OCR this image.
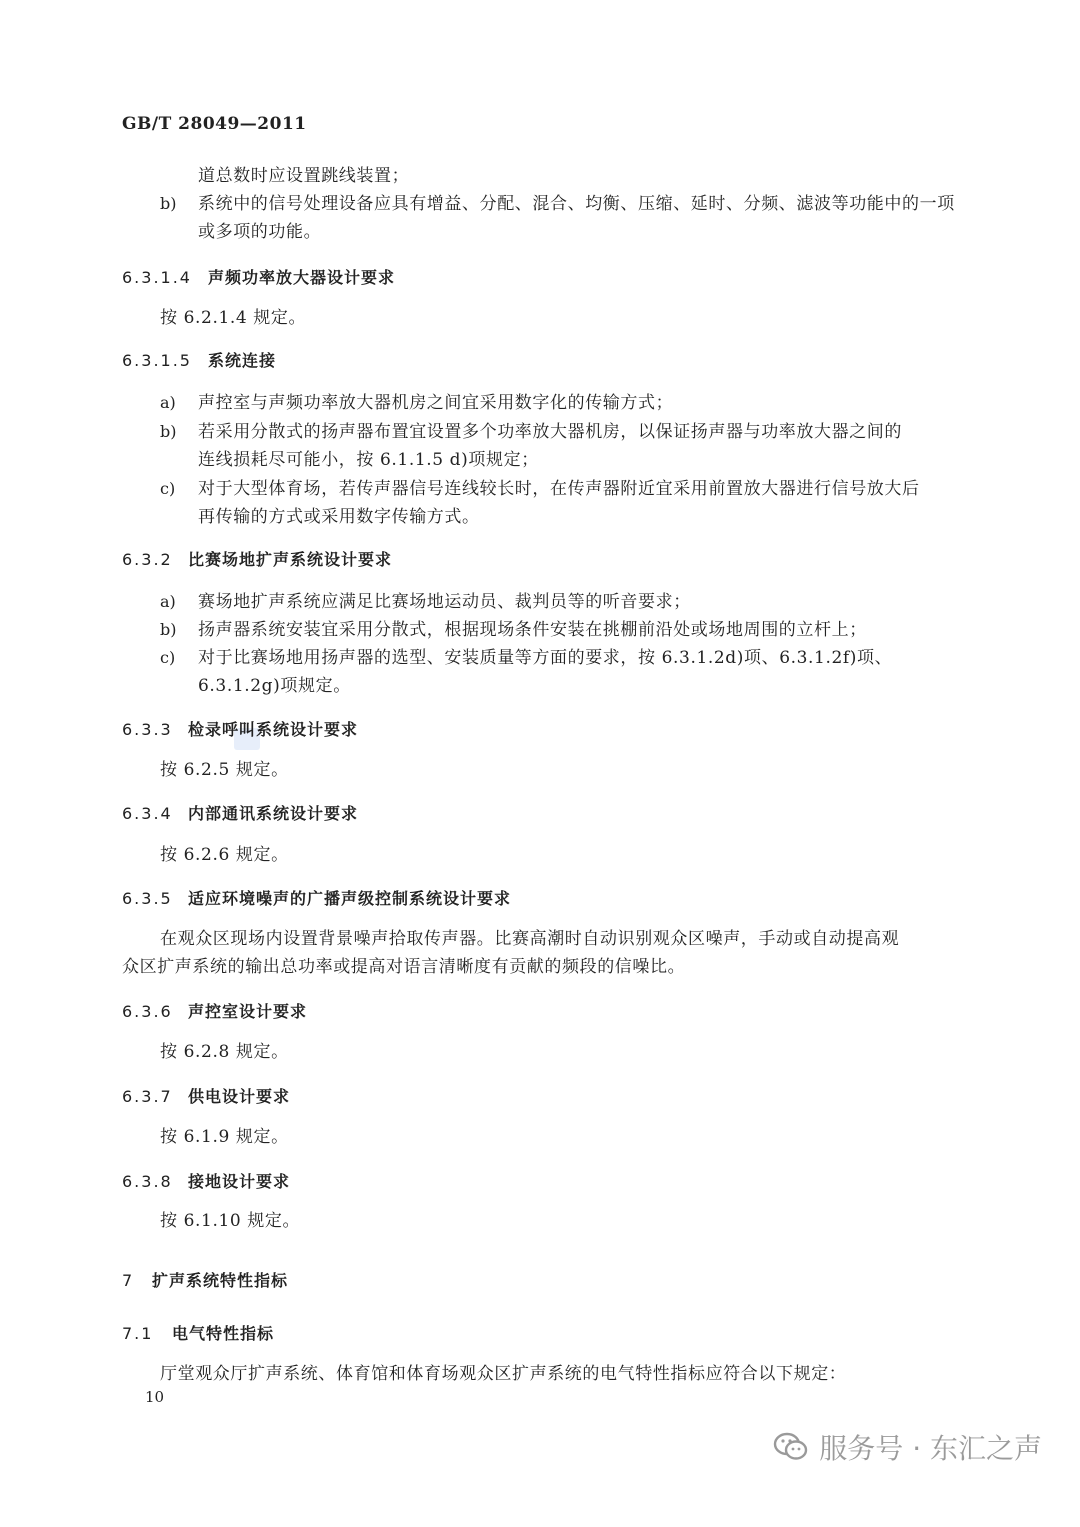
GB/T 28049—2011
道总数时应设置跳线装置；
b) 系统中的信号处理设备应具有增益、分配、混合、均衡、压缩、延时、分频、滤波等功能中的一项
或多项的功能。
6.3.1.4 声频功率放大器设计要求
按 6.2.1.4 规定。
6.3.1.5 系统连接
a) 声控室与声频功率放大器机房之间宜采用数字化的传输方式；
b) 若采用分散式的扬声器布置宜设置多个功率放大器机房，以保证扬声器与功率放大器之间的
连线损耗尽可能小，按 6.1.1.5 d)项规定；
c) 对于大型体育场，若传声器信号连线较长时，在传声器附近宜采用前置放大器进行信号放大后
再传输的方式或采用数字传输方式。
6.3.2 比赛场地扩声系统设计要求
a) 赛场地扩声系统应满足比赛场地运动员、裁判员等的听音要求；
b) 扬声器系统安装宜采用分散式，根据现场条件安装在挑棚前沿处或场地周围的立杆上；
c) 对于比赛场地用扬声器的选型、安装质量等方面的要求，按 6.3.1.2d)项、6.3.1.2f)项、
6.3.1.2g)项规定。
6.3.3 检录呼叫系统设计要求
按 6.2.5 规定。
6.3.4 内部通讯系统设计要求
按 6.2.6 规定。
6.3.5 适应环境噪声的广播声级控制系统设计要求
在观众区现场内设置背景噪声拾取传声器。比赛高潮时自动识别观众区噪声，手动或自动提高观
众区扩声系统的输出总功率或提高对语言清晰度有贡献的频段的信噪比。
6.3.6 声控室设计要求
按 6.2.8 规定。
6.3.7 供电设计要求
按 6.1.9 规定。
6.3.8 接地设计要求
按 6.1.10 规定。
7 扩声系统特性指标
7.1 电气特性指标
厅堂观众厅扩声系统、体育馆和体育场观众区扩声系统的电气特性指标应符合以下规定：
10
服务号 · 东汇之声
